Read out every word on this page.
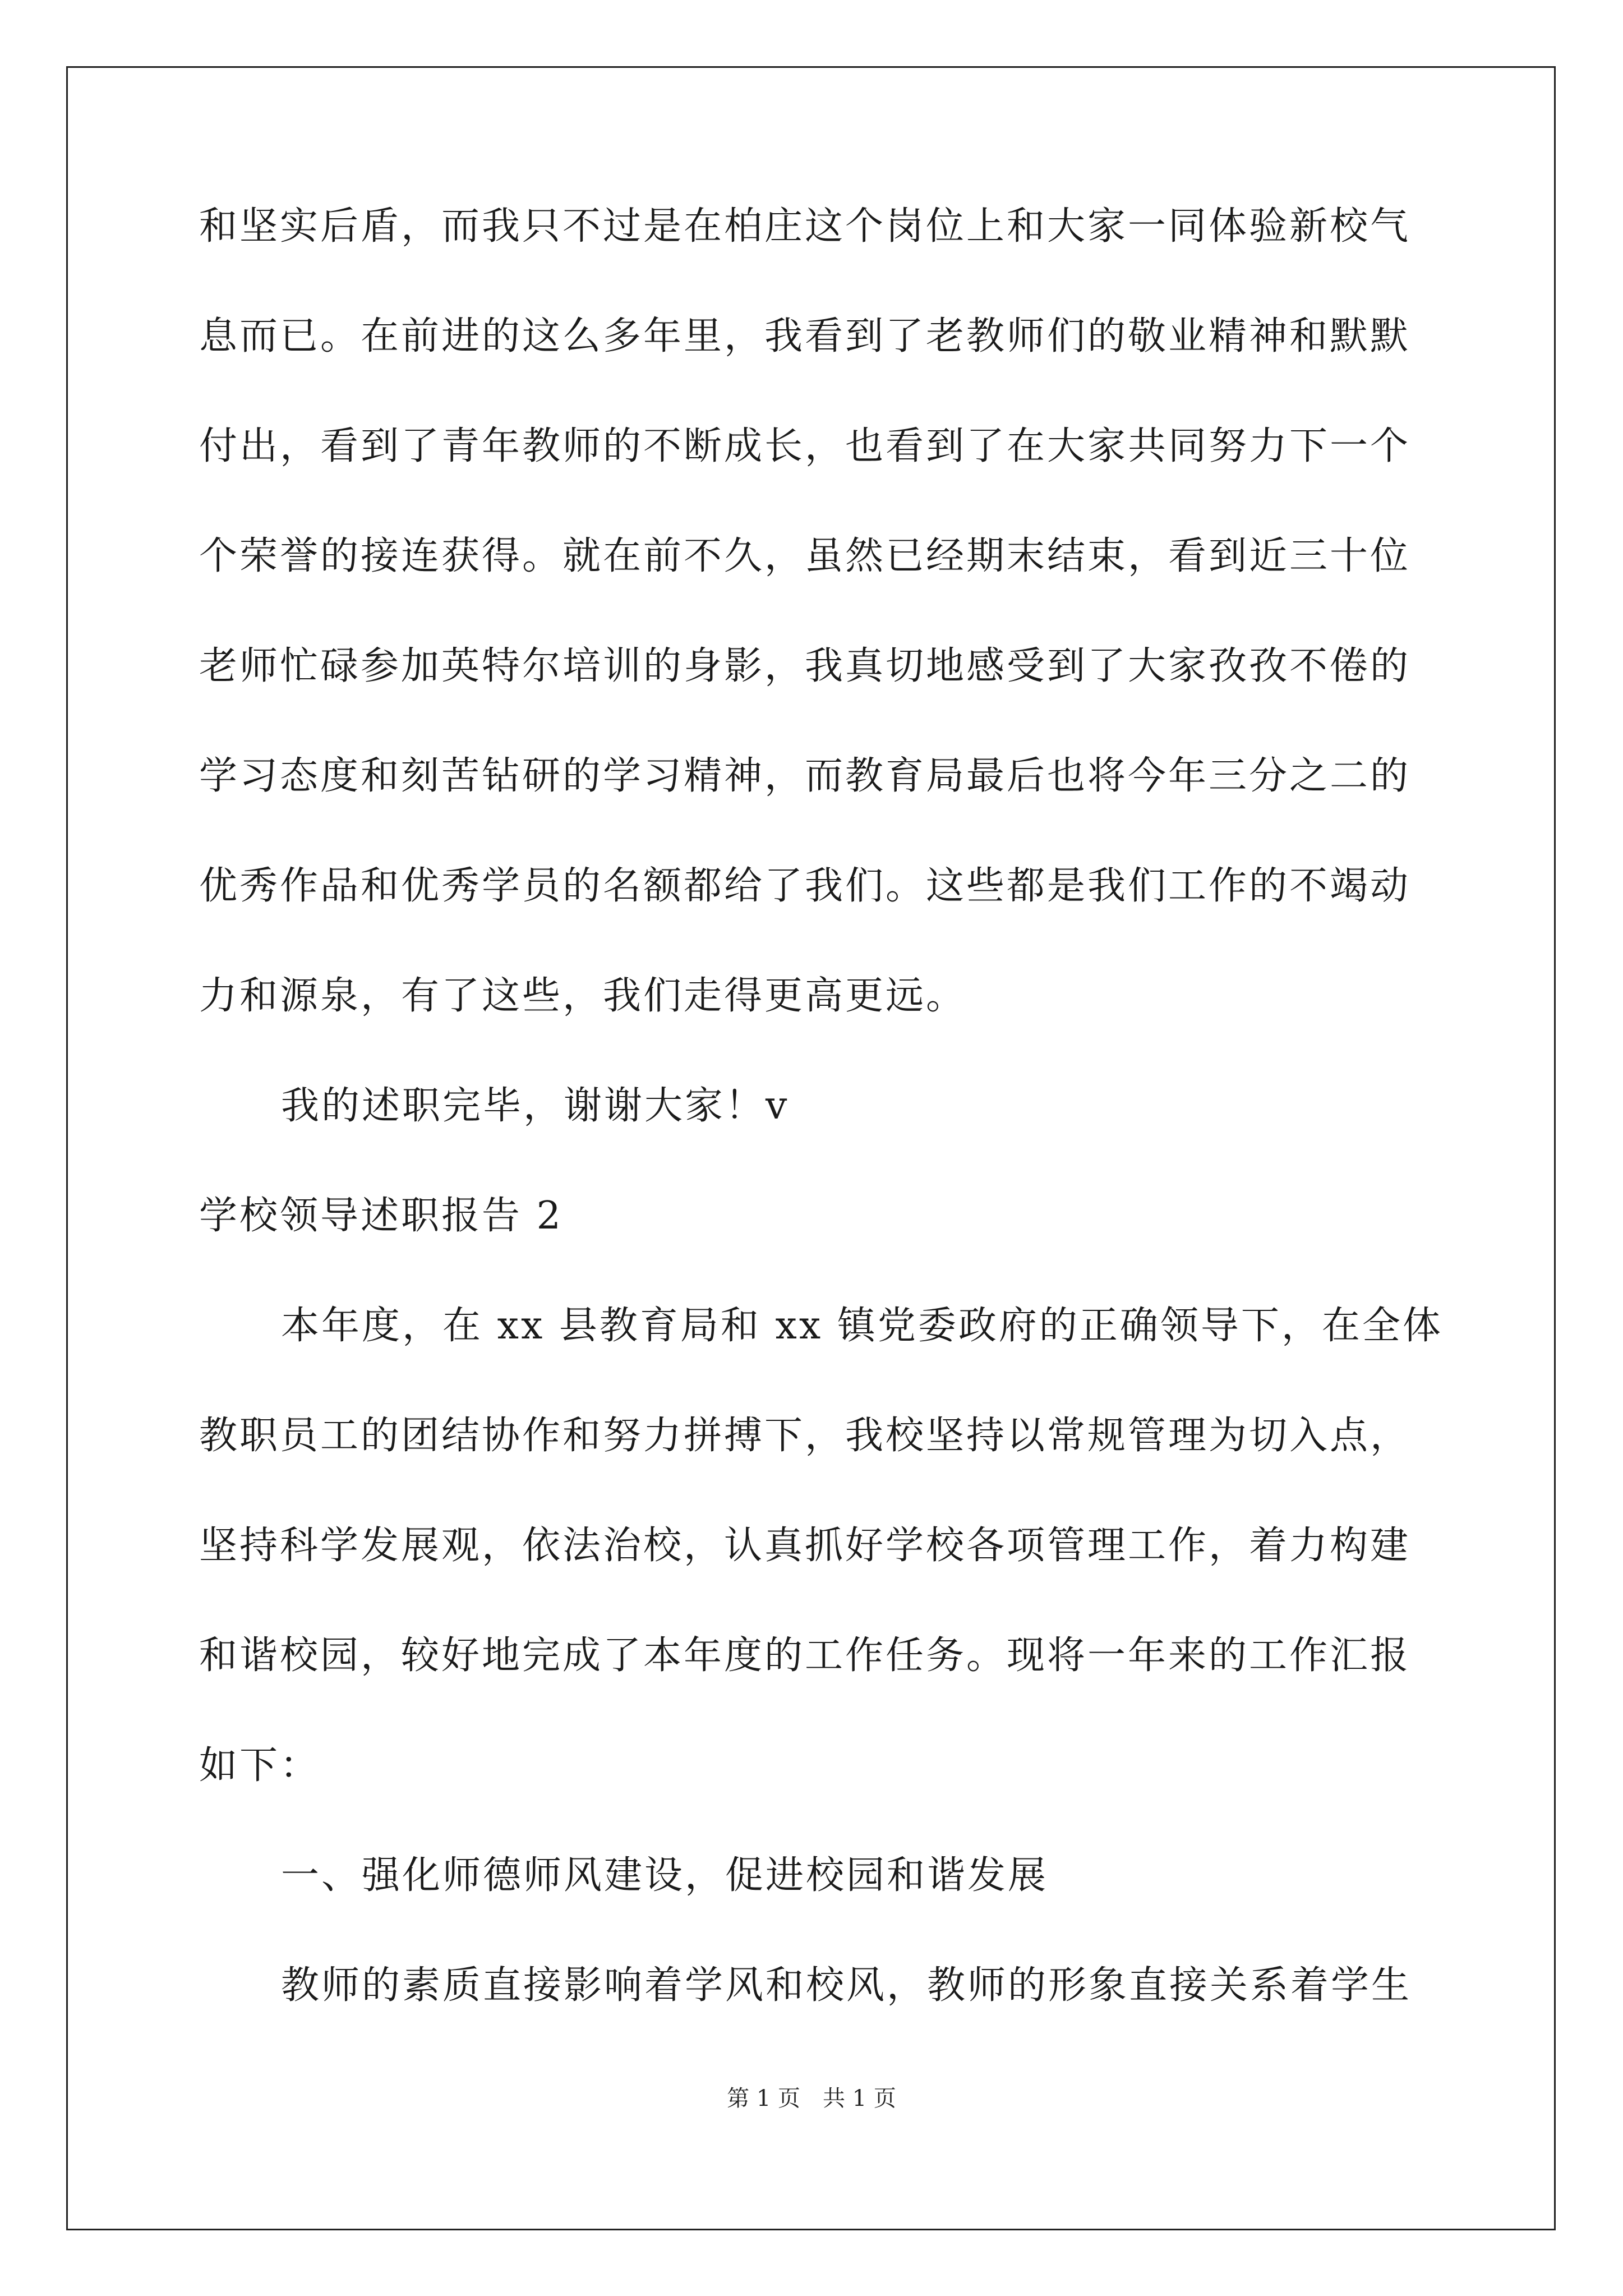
和坚实后盾，而我只不过是在柏庄这个岗位上和大家一同体验新校气
息而已。在前进的这么多年里，我看到了老教师们的敬业精神和默默
付出，看到了青年教师的不断成长，也看到了在大家共同努力下一个
个荣誉的接连获得。就在前不久，虽然已经期末结束，看到近三十位
老师忙碌参加英特尔培训的身影，我真切地感受到了大家孜孜不倦的
学习态度和刻苦钻研的学习精神，而教育局最后也将今年三分之二的
优秀作品和优秀学员的名额都给了我们。这些都是我们工作的不竭动
力和源泉，有了这些，我们走得更高更远。
我的述职完毕，谢谢大家！v
学校领导述职报告 2
本年度，在 xx 县教育局和 xx 镇党委政府的正确领导下，在全体
教职员工的团结协作和努力拼搏下，我校坚持以常规管理为切入点，
坚持科学发展观，依法治校，认真抓好学校各项管理工作，着力构建
和谐校园，较好地完成了本年度的工作任务。现将一年来的工作汇报
如下：
一、强化师德师风建设，促进校园和谐发展
教师的素质直接影响着学风和校风，教师的形象直接关系着学生
第 1 页　共 1 页
